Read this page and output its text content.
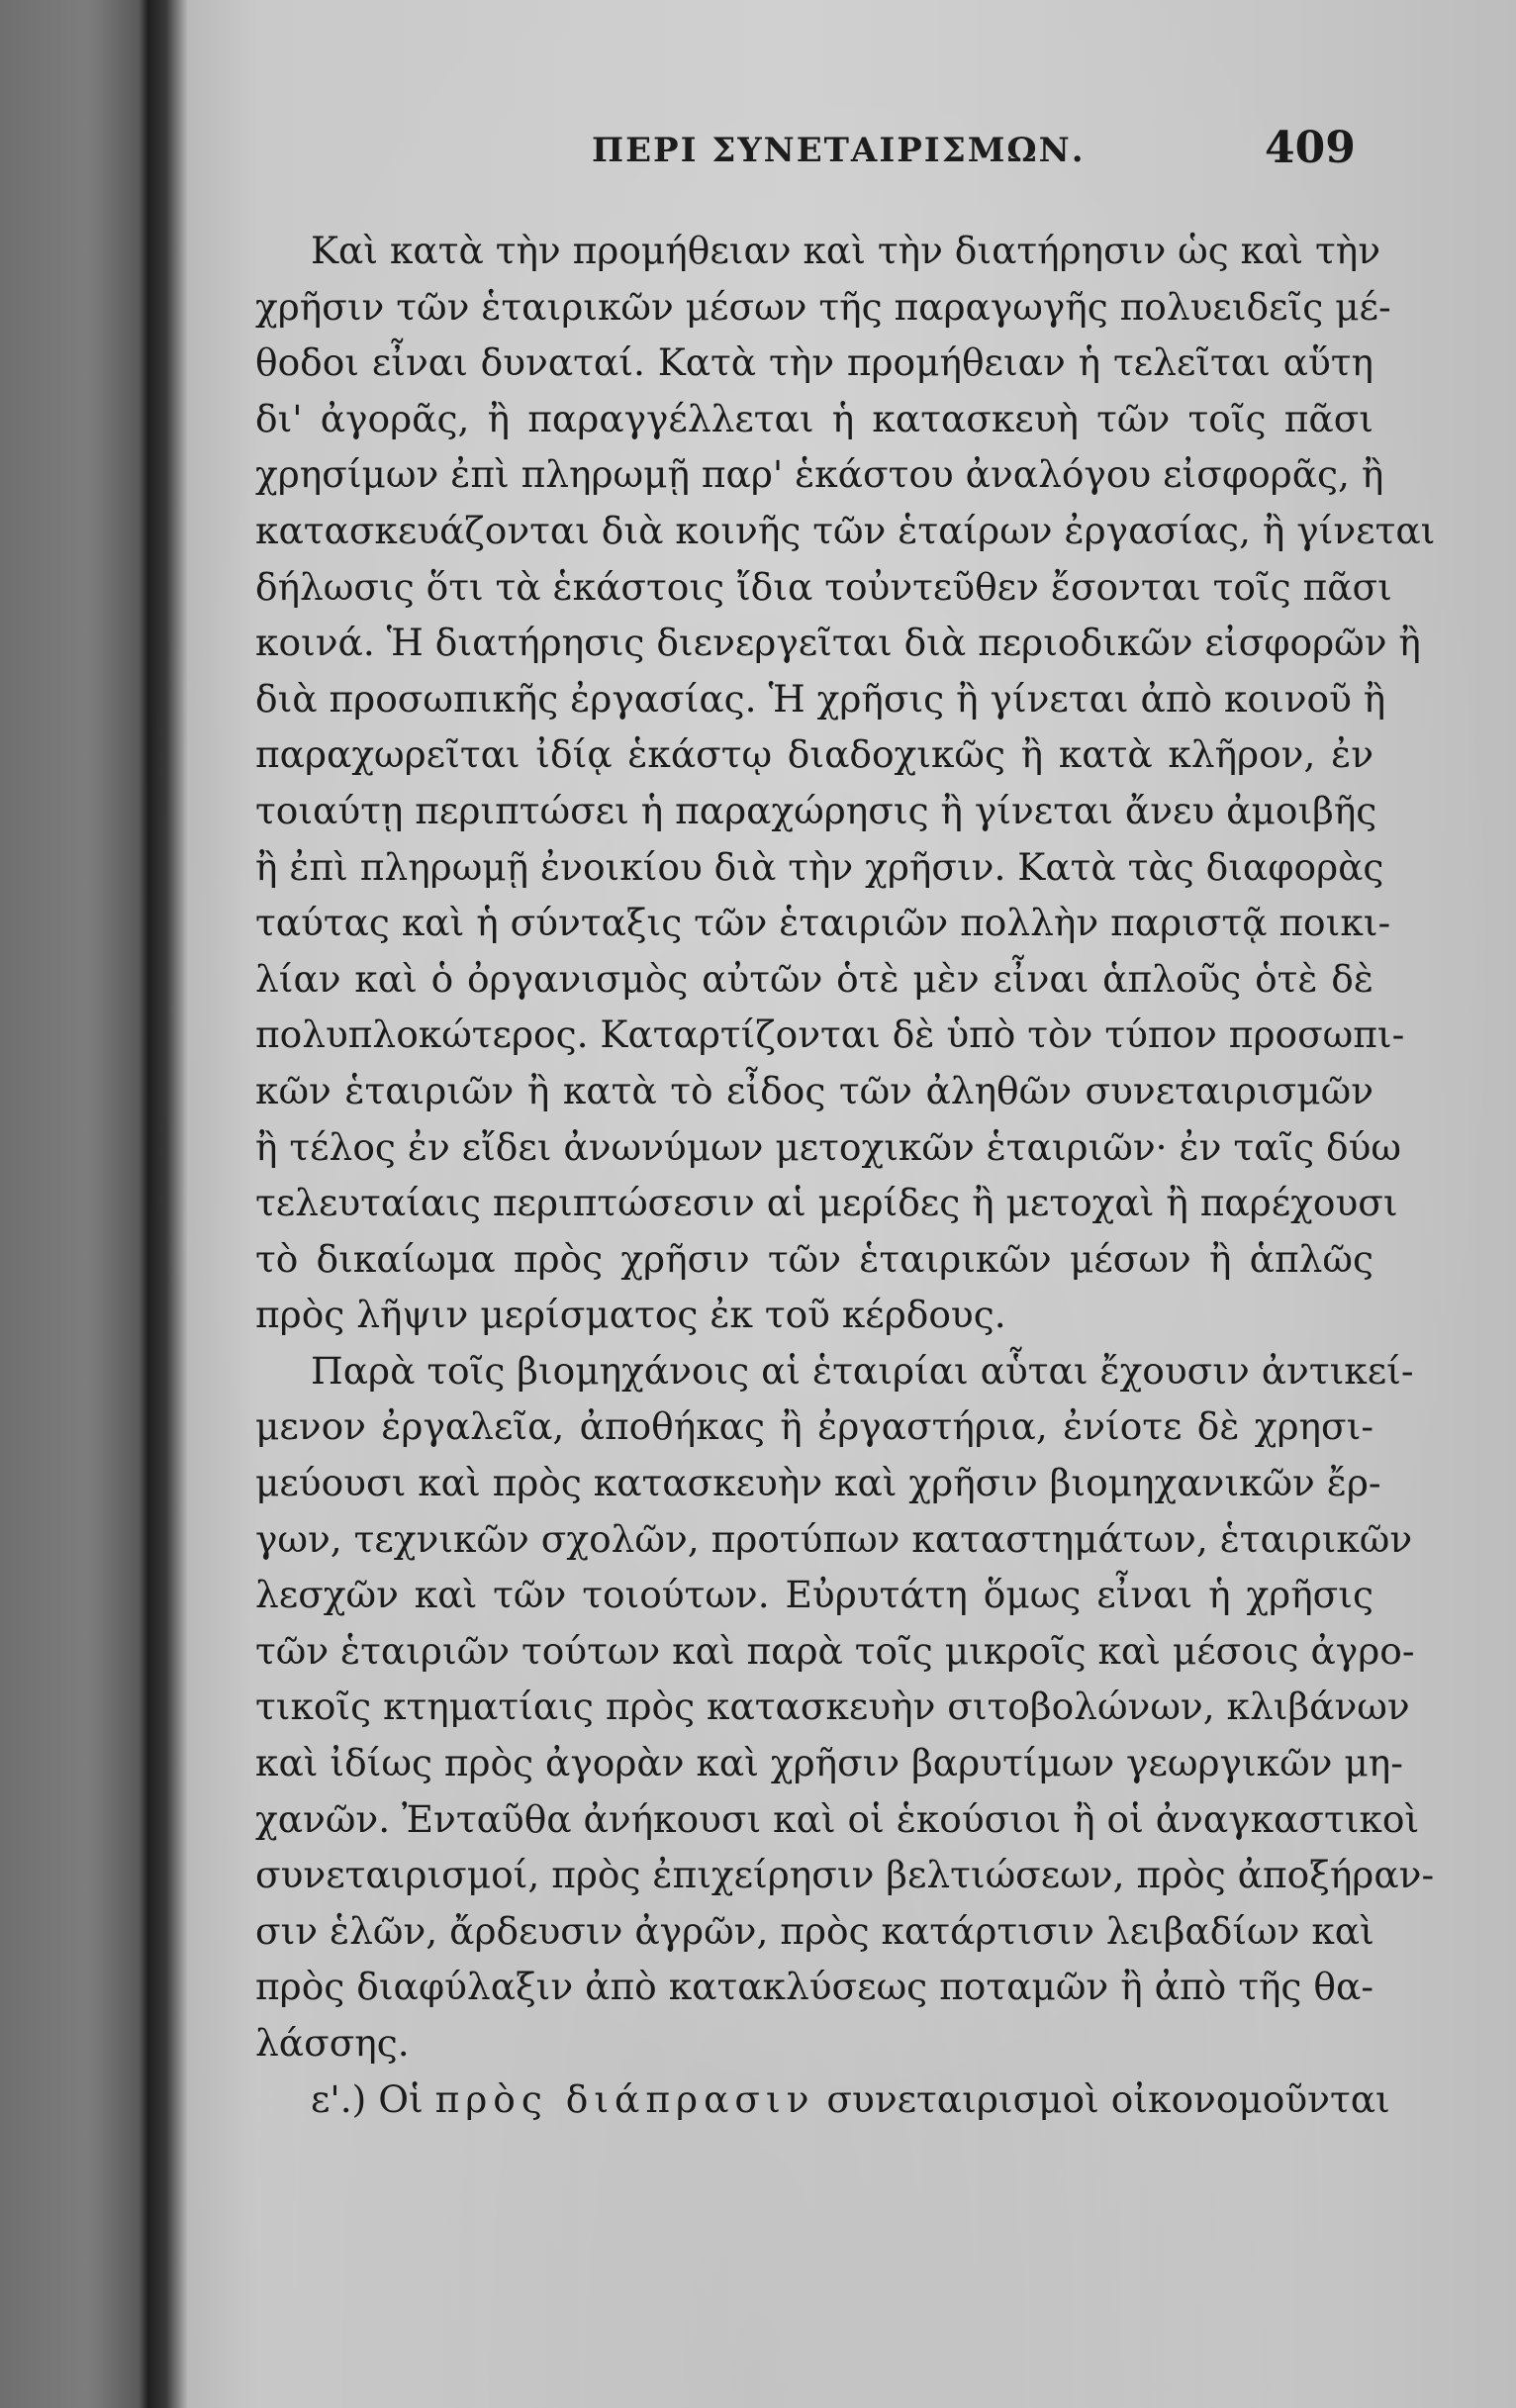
ΠΕΡΙ ΣΥΝΕΤΑΙΡΙΣΜΩΝ.	409
Καὶ κατὰ τὴν προμήθειαν καὶ τὴν διατήρησιν ὡς καὶ τὴν
χρῆσιν τῶν ἑταιρικῶν μέσων τῆς παραγωγῆς πολυειδεῖς μέ-
θοδοι εἶναι δυναταί. Κατὰ τὴν προμήθειαν ἡ τελεῖται αὕτη
δι' ἀγορᾶς, ἢ παραγγέλλεται ἡ κατασκευὴ τῶν τοῖς πᾶσι
χρησίμων ἐπὶ πληρωμῇ παρ' ἑκάστου ἀναλόγου εἰσφορᾶς, ἢ
κατασκευάζονται διὰ κοινῆς τῶν ἑταίρων ἐργασίας, ἢ γίνεται
δήλωσις ὅτι τὰ ἑκάστοις ἴδια τοὐντεῦθεν ἔσονται τοῖς πᾶσι
κοινά. Ἡ διατήρησις διενεργεῖται διὰ περιοδικῶν εἰσφορῶν ἢ
διὰ προσωπικῆς ἐργασίας. Ἡ χρῆσις ἢ γίνεται ἀπὸ κοινοῦ ἢ
παραχωρεῖται ἰδίᾳ ἑκάστῳ διαδοχικῶς ἢ κατὰ κλῆρον, ἐν
τοιαύτῃ περιπτώσει ἡ παραχώρησις ἢ γίνεται ἄνευ ἀμοιβῆς
ἢ ἐπὶ πληρωμῇ ἐνοικίου διὰ τὴν χρῆσιν. Κατὰ τὰς διαφορὰς
ταύτας καὶ ἡ σύνταξις τῶν ἑταιριῶν πολλὴν παριστᾷ ποικι-
λίαν καὶ ὁ ὀργανισμὸς αὐτῶν ὁτὲ μὲν εἶναι ἁπλοῦς ὁτὲ δὲ
πολυπλοκώτερος. Καταρτίζονται δὲ ὑπὸ τὸν τύπον προσωπι-
κῶν ἑταιριῶν ἢ κατὰ τὸ εἶδος τῶν ἀληθῶν συνεταιρισμῶν
ἢ τέλος ἐν εἴδει ἀνωνύμων μετοχικῶν ἑταιριῶν· ἐν ταῖς δύω
τελευταίαις περιπτώσεσιν αἱ μερίδες ἢ μετοχαὶ ἢ παρέχουσι
τὸ δικαίωμα πρὸς χρῆσιν τῶν ἑταιρικῶν μέσων ἢ ἁπλῶς
πρὸς λῆψιν μερίσματος ἐκ τοῦ κέρδους.
Παρὰ τοῖς βιομηχάνοις αἱ ἑταιρίαι αὗται ἔχουσιν ἀντικεί-
μενον ἐργαλεῖα, ἀποθήκας ἢ ἐργαστήρια, ἐνίοτε δὲ χρησι-
μεύουσι καὶ πρὸς κατασκευὴν καὶ χρῆσιν βιομηχανικῶν ἔρ-
γων, τεχνικῶν σχολῶν, προτύπων καταστημάτων, ἑταιρικῶν
λεσχῶν καὶ τῶν τοιούτων. Εὐρυτάτη ὅμως εἶναι ἡ χρῆσις
τῶν ἑταιριῶν τούτων καὶ παρὰ τοῖς μικροῖς καὶ μέσοις ἀγρο-
τικοῖς κτηματίαις πρὸς κατασκευὴν σιτοβολώνων, κλιβάνων
καὶ ἰδίως πρὸς ἀγορὰν καὶ χρῆσιν βαρυτίμων γεωργικῶν μη-
χανῶν. Ἐνταῦθα ἀνήκουσι καὶ οἱ ἑκούσιοι ἢ οἱ ἀναγκαστικοὶ
συνεταιρισμοί, πρὸς ἐπιχείρησιν βελτιώσεων, πρὸς ἀποξήραν-
σιν ἑλῶν, ἄρδευσιν ἀγρῶν, πρὸς κατάρτισιν λειβαδίων καὶ
πρὸς διαφύλαξιν ἀπὸ κατακλύσεως ποταμῶν ἢ ἀπὸ τῆς θα-
λάσσης.
ε'.) Οἱ πρὸς διάπρασιν συνεταιρισμοὶ οἰκονομοῦνται
